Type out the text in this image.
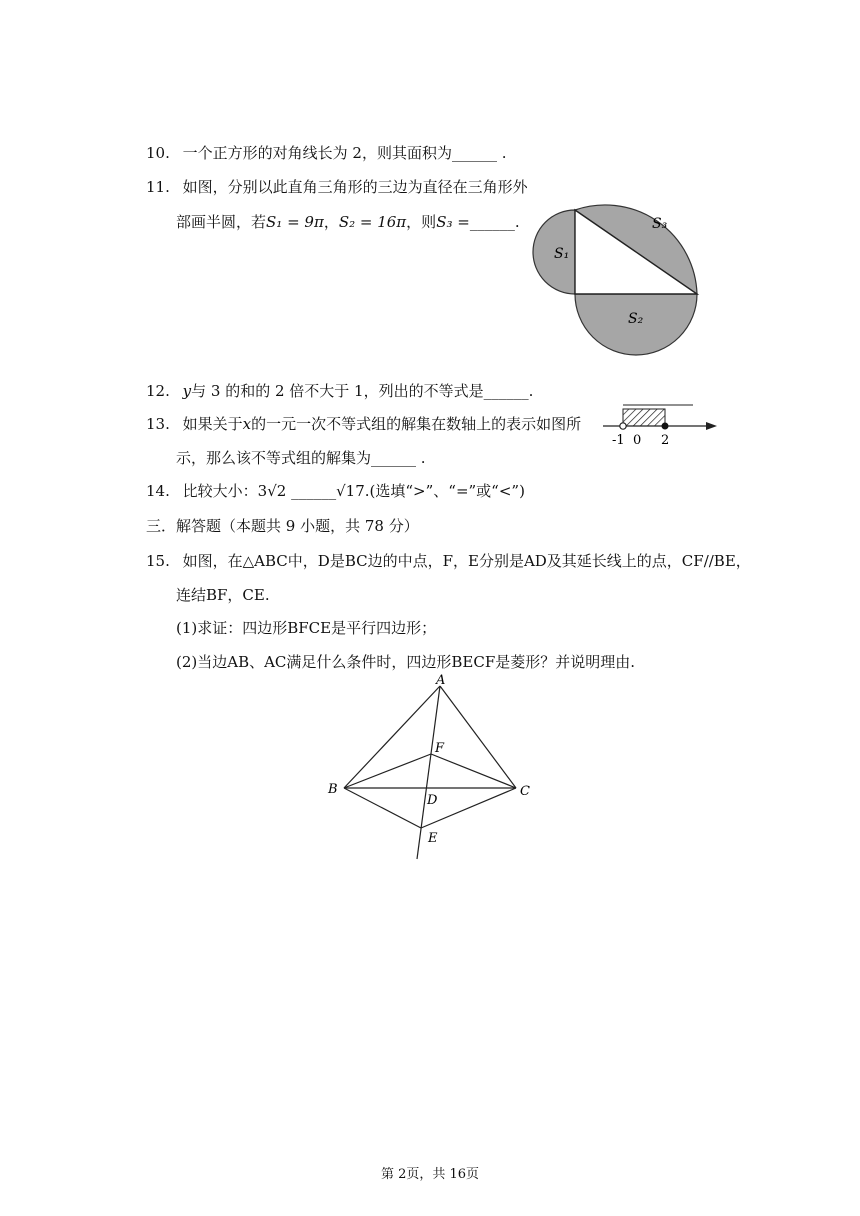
10. 一个正方形的对角线长为 2，则其面积为______ .
11. 如图，分别以此直角三角形的三边为直径在三角形外
部画半圆，若S₁ = 9π，S₂ = 16π，则S₃ =______.	S₃
S₁
S₂
12. y与 3 的和的 2 倍不大于 1，列出的不等式是______.
13. 如果关于x的一元一次不等式组的解集在数轴上的表示如图所
示，那么该不等式组的解集为______ .
-1 0 2
14. 比较大小：3√2 ______√17.(选填“>”、“=”或“<”)
三．解答题（本题共 9 小题，共 78 分）
15. 如图，在△ABC中，D是BC边的中点，F，E分别是AD及其延长线上的点，CF//BE，
连结BF，CE.
(1)求证：四边形BFCE是平行四边形；
(2)当边AB、AC满足什么条件时，四边形BECF是菱形？并说明理由.
A
B	C
D
E
F
第 2页，共 16页
